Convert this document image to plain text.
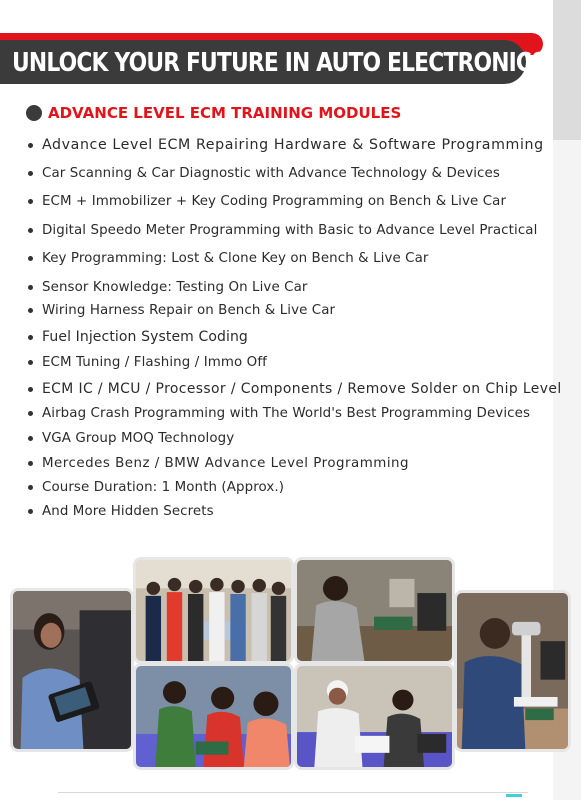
UNLOCK YOUR FUTURE IN AUTO ELECTRONICS
ADVANCE LEVEL ECM TRAINING MODULES
Advance Level ECM Repairing Hardware & Software Programming
Car Scanning & Car Diagnostic with Advance Technology & Devices
ECM + Immobilizer + Key Coding Programming on Bench & Live Car
Digital Speedo Meter Programming with Basic to Advance Level Practical
Key Programming: Lost & Clone Key on Bench & Live Car
Sensor Knowledge: Testing On Live Car
Wiring Harness Repair on Bench & Live Car
Fuel Injection System Coding
ECM Tuning / Flashing / Immo Off
ECM IC / MCU / Processor / Components / Remove Solder on Chip Level
Airbag Crash Programming with The World's Best Programming Devices
VGA Group MOQ Technology
Mercedes Benz / BMW Advance Level Programming
Course Duration: 1 Month (Approx.)
And More Hidden Secrets
